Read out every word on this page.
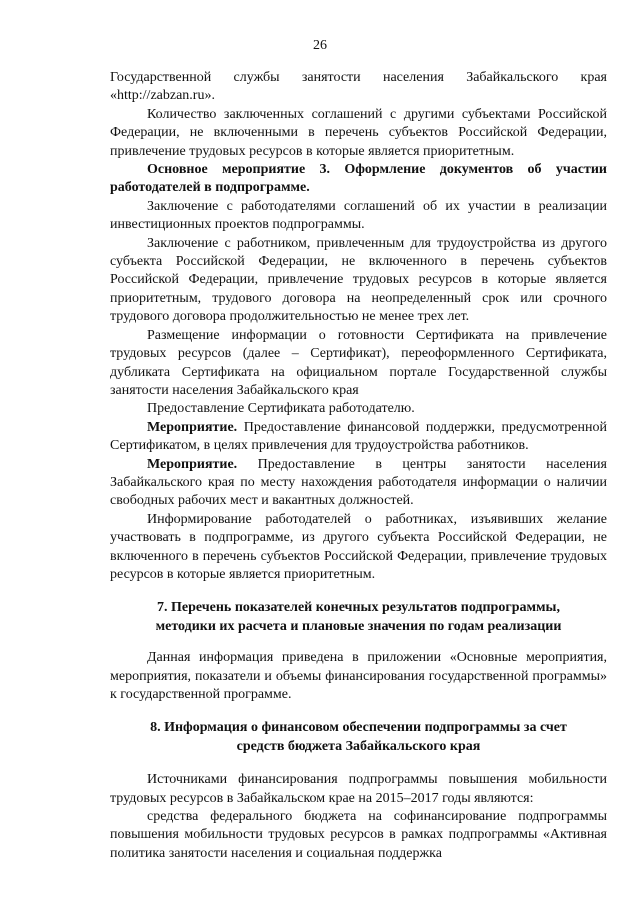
26

Государственной службы занятости населения Забайкальского края «http://zabzan.ru».

Количество заключенных соглашений с другими субъектами Российской Федерации, не включенными в перечень субъектов Российской Федерации, привлечение трудовых ресурсов в которые является приоритетным.

Основное мероприятие 3. Оформление документов об участии работодателей в подпрограмме.

Заключение с работодателями соглашений об их участии в реализации инвестиционных проектов подпрограммы.

Заключение с работником, привлеченным для трудоустройства из другого субъекта Российской Федерации, не включенного в перечень субъектов Российской Федерации, привлечение трудовых ресурсов в которые является приоритетным, трудового договора на неопределенный срок или срочного трудового договора продолжительностью не менее трех лет.

Размещение информации о готовности Сертификата на привлечение трудовых ресурсов (далее – Сертификат), переоформленного Сертификата, дубликата Сертификата на официальном портале Государственной службы занятости населения Забайкальского края

Предоставление Сертификата работодателю.

Мероприятие. Предоставление финансовой поддержки, предусмотренной Сертификатом, в целях привлечения для трудоустройства работников.

Мероприятие. Предоставление в центры занятости населения Забайкальского края по месту нахождения работодателя информации о наличии свободных рабочих мест и вакантных должностей.

Информирование работодателей о работниках, изъявивших желание участвовать в подпрограмме, из другого субъекта Российской Федерации, не включенного в перечень субъектов Российской Федерации, привлечение трудовых ресурсов в которые является приоритетным.

7. Перечень показателей конечных результатов подпрограммы,

методики их расчета и плановые значения по годам реализации

Данная информация приведена в приложении «Основные мероприятия, мероприятия, показатели и объемы финансирования государственной программы» к государственной программе.

8. Информация о финансовом обеспечении подпрограммы за счет

средств бюджета Забайкальского края

Источниками финансирования подпрограммы повышения мобильности трудовых ресурсов в Забайкальском крае на 2015–2017 годы являются:

средства федерального бюджета на софинансирование подпрограммы повышения мобильности трудовых ресурсов в рамках подпрограммы «Активная политика занятости населения и социальная поддержка
